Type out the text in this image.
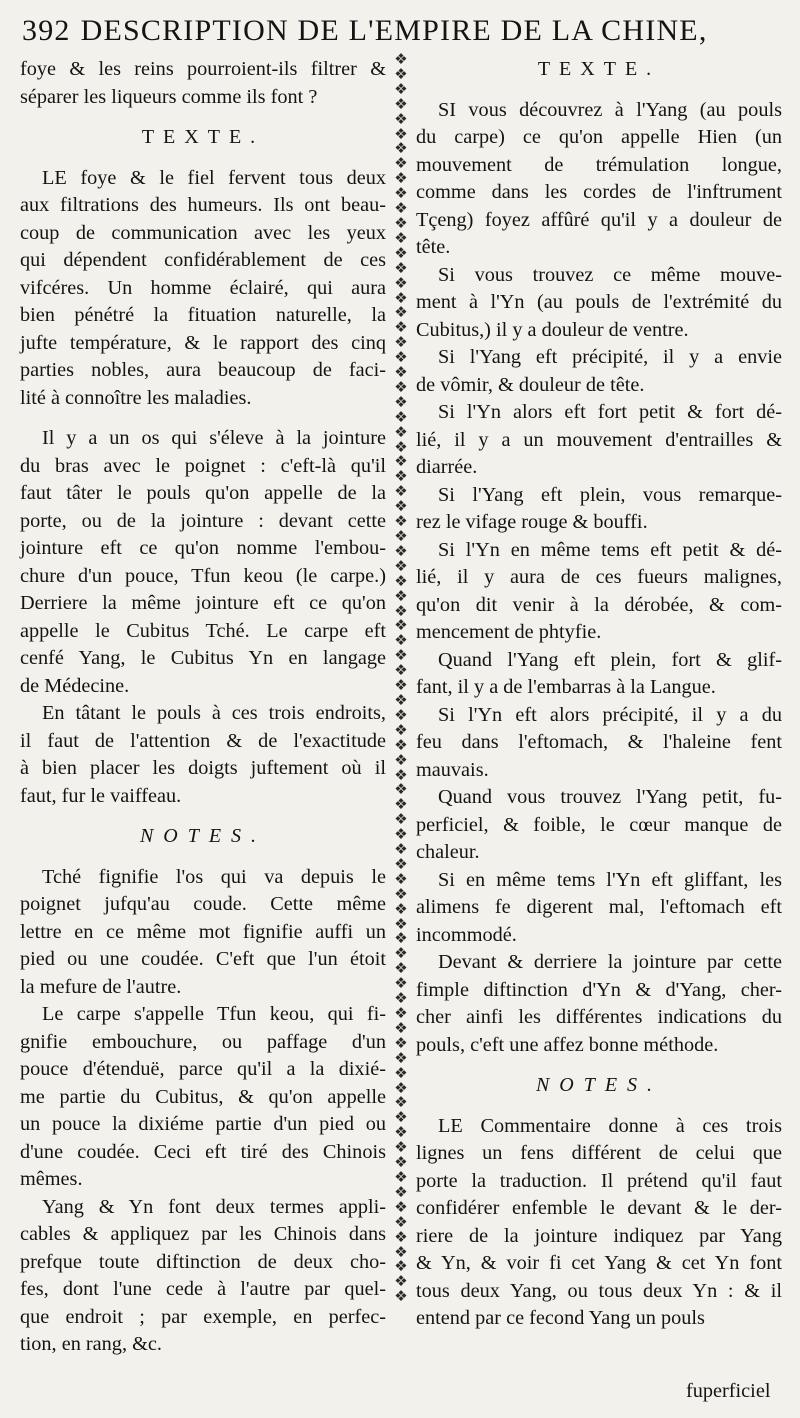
392 DESCRIPTION DE L'EMPIRE DE LA CHINE,
foye & les reins pourroient-ils filtrer &
séparer les liqueurs comme ils font ?
TEXTE.
LE foye & le fiel fervent tous deux
aux filtrations des humeurs. Ils ont beau-
coup de communication avec les yeux
qui dépendent confidérablement de ces
vifcéres. Un homme éclairé, qui aura
bien pénétré la fituation naturelle, la
jufte température, & le rapport des cinq
parties nobles, aura beaucoup de faci-
lité à connoître les maladies.
Il y a un os qui s'éleve à la jointure
du bras avec le poignet : c'eft-là qu'il
faut tâter le pouls qu'on appelle de la
porte, ou de la jointure : devant cette
jointure eft ce qu'on nomme l'embou-
chure d'un pouce, Tfun keou (le carpe.)
Derriere la même jointure eft ce qu'on
appelle le Cubitus Tché. Le carpe eft
cenfé Yang, le Cubitus Yn en langage
de Médecine.
En tâtant le pouls à ces trois endroits,
il faut de l'attention & de l'exactitude
à bien placer les doigts juftement où il
faut, fur le vaiffeau.
NOTES.
Tché fignifie l'os qui va depuis le
poignet jufqu'au coude. Cette même
lettre en ce même mot fignifie auffi un
pied ou une coudée. C'eft que l'un étoit
la mefure de l'autre.
Le carpe s'appelle Tfun keou, qui fi-
gnifie embouchure, ou paffage d'un
pouce d'étenduë, parce qu'il a la dixié-
me partie du Cubitus, & qu'on appelle
un pouce la dixiéme partie d'un pied ou
d'une coudée. Ceci eft tiré des Chinois
mêmes.
Yang & Yn font deux termes appli-
cables & appliquez par les Chinois dans
prefque toute diftinction de deux cho-
fes, dont l'une cede à l'autre par quel-
que endroit ; par exemple, en perfec-
tion, en rang, &c.
❖
❖
❖
❖
❖
❖
❖
❖
❖
❖
❖
❖
❖
❖
❖
❖
❖
❖
❖
❖
❖
❖
❖
❖
❖
❖
❖
❖
❖
❖
❖
❖
❖
❖
❖
❖
❖
❖
❖
❖
❖
❖
❖
❖
❖
❖
❖
❖
❖
❖
❖
❖
❖
❖
❖
❖
❖
❖
❖
❖
❖
❖
❖
❖
❖
❖
❖
❖
❖
❖
❖
❖
❖
❖
❖
❖
❖
❖
❖
❖
❖
❖
❖
❖

TEXTE.
SI vous découvrez à l'Yang (au pouls
du carpe) ce qu'on appelle Hien (un
mouvement de trémulation longue,
comme dans les cordes de l'inftrument
Tçeng) foyez affûré qu'il y a douleur de
tête.
Si vous trouvez ce même mouve-
ment à l'Yn (au pouls de l'extrémité du
Cubitus,) il y a douleur de ventre.
Si l'Yang eft précipité, il y a envie
de vômir, & douleur de tête.
Si l'Yn alors eft fort petit & fort dé-
lié, il y a un mouvement d'entrailles &
diarrée.
Si l'Yang eft plein, vous remarque-
rez le vifage rouge & bouffi.
Si l'Yn en même tems eft petit & dé-
lié, il y aura de ces fueurs malignes,
qu'on dit venir à la dérobée, & com-
mencement de phtyfie.
Quand l'Yang eft plein, fort & glif-
fant, il y a de l'embarras à la Langue.
Si l'Yn eft alors précipité, il y a du
feu dans l'eftomach, & l'haleine fent
mauvais.
Quand vous trouvez l'Yang petit, fu-
perficiel, & foible, le cœur manque de
chaleur.
Si en même tems l'Yn eft gliffant, les
alimens fe digerent mal, l'eftomach eft
incommodé.
Devant & derriere la jointure par cette
fimple diftinction d'Yn & d'Yang, cher-
cher ainfi les différentes indications du
pouls, c'eft une affez bonne méthode.
NOTES.
LE Commentaire donne à ces trois
lignes un fens différent de celui que
porte la traduction. Il prétend qu'il faut
confidérer enfemble le devant & le der-
riere de la jointure indiquez par Yang
& Yn, & voir fi cet Yang & cet Yn font
tous deux Yang, ou tous deux Yn : & il
entend par ce fecond Yang un pouls
fuperficiel
